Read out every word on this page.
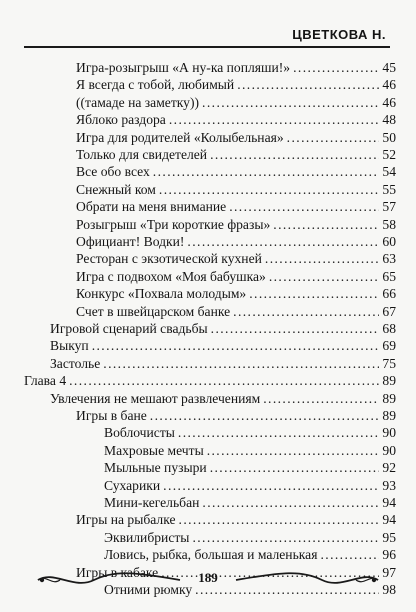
ЦВЕТКОВА Н.
Игра-розыгрыш «А ну-ка попляши!» . . .	45
Я всегда с тобой, любимый . . .	46
((тамаде на заметку)) . . .	46
Яблоко раздора . . .	48
Игра для родителей «Колыбельная» . . .	50
Только для свидетелей . . .	52
Все обо всех . . .	54
Снежный ком . . .	55
Обрати на меня внимание . . .	57
Розыгрыш «Три короткие фразы» . . .	58
Официант! Водки! . . .	60
Ресторан с экзотической кухней . . .	63
Игра с подвохом «Моя бабушка» . . .	65
Конкурс «Похвала молодым» . . .	66
Счет в швейцарском банке . . .	67
Игровой сценарий свадьбы . . .	68
Выкуп . . .	69
Застолье . . .	75
Глава 4 . . .	89
Увлечения не мешают развлечениям . . .	89
Игры в бане . . .	89
Воблочисты . . .	90
Махровые мечты . . .	90
Мыльные пузыри . . .	92
Сухарики . . .	93
Мини-кегельбан . . .	94
Игры на рыбалке . . .	94
Эквилибристы . . .	95
Ловись, рыбка, большая и маленькая . . .	96
Игры в кабаке . . .	97
Отними рюмку . . .	98
189
